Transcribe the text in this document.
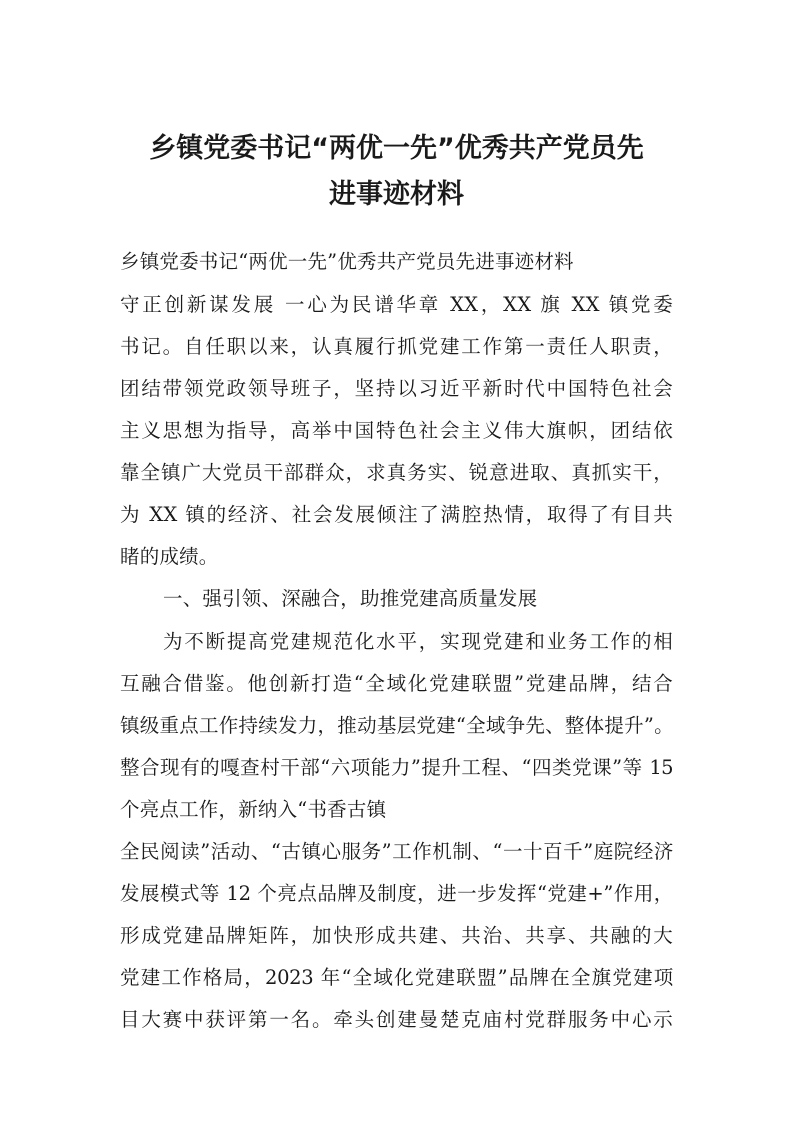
乡镇党委书记“两优一先”优秀共产党员先
进事迹材料

乡镇党委书记“两优一先”优秀共产党员先进事迹材料

守正创新谋发展 一心为民谱华章 XX，XX 旗 XX 镇党委

书记。自任职以来，认真履行抓党建工作第一责任人职责，

团结带领党政领导班子，坚持以习近平新时代中国特色社会

主义思想为指导，高举中国特色社会主义伟大旗帜，团结依

靠全镇广大党员干部群众，求真务实、锐意进取、真抓实干，

为 XX 镇的经济、社会发展倾注了满腔热情，取得了有目共

睹的成绩。

一、强引领、深融合，助推党建高质量发展

为不断提高党建规范化水平，实现党建和业务工作的相

互融合借鉴。他创新打造“全域化党建联盟”党建品牌，结合

镇级重点工作持续发力，推动基层党建“全域争先、整体提升”。

整合现有的嘎查村干部“六项能力”提升工程、“四类党课”等 15

个亮点工作，新纳入“书香古镇

全民阅读”活动、“古镇心服务”工作机制、“一十百千”庭院经济

发展模式等 12 个亮点品牌及制度，进一步发挥“党建+”作用，

形成党建品牌矩阵，加快形成共建、共治、共享、共融的大

党建工作格局，2023 年“全域化党建联盟”品牌在全旗党建项

目大赛中获评第一名。牵头创建曼楚克庙村党群服务中心示
